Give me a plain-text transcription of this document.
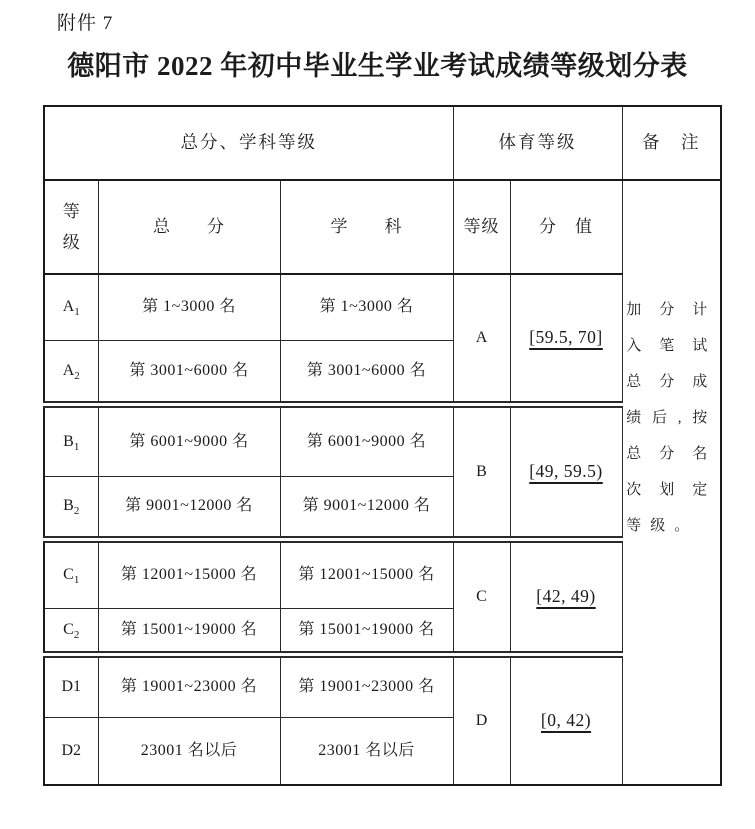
附件 7
德阳市 2022 年初中毕业生学业考试成绩等级划分表
总分、学科等级			体育等级		备　注
等级	总　　分	学　　科	等级	分　值	加分计入笔试总分成绩后,按总分名次划定等级。

$A_1$	第 1~3000 名	第 1~3000 名	A	[59.5, 70]	
$A_2$	第 3001~6000 名	第 3001~6000 名			
$B_1$	第 6001~9000 名	第 6001~9000 名	B	[49, 59.5)	
$B_2$	第 9001~12000 名	第 9001~12000 名			
$C_1$	第 12001~15000 名	第 12001~15000 名	C	[42, 49)	
$C_2$	第 15001~19000 名	第 15001~19000 名			
D1	第 19001~23000 名	第 19001~23000 名	D	[0, 42)	
D2	23001 名以后	23001 名以后			
